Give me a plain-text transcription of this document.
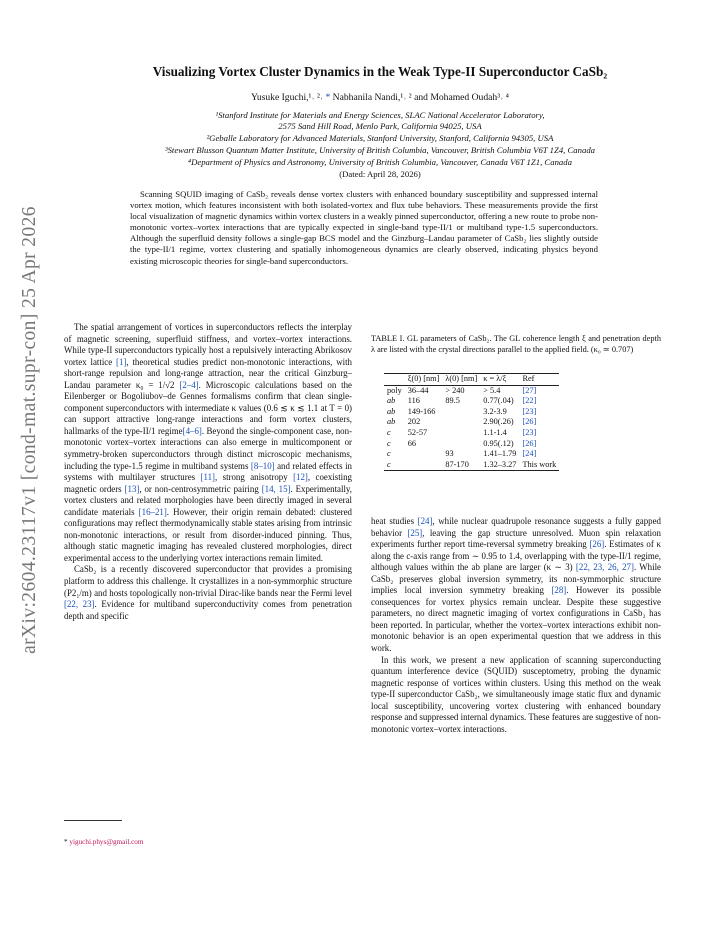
arXiv:2604.23117v1 [cond-mat.supr-con] 25 Apr 2026
Visualizing Vortex Cluster Dynamics in the Weak Type-II Superconductor CaSb₂
Yusuke Iguchi,¹˒ ²˒ * Nabhanila Nandi,¹˒ ² and Mohamed Oudah³˒ ⁴
¹Stanford Institute for Materials and Energy Sciences, SLAC National Accelerator Laboratory,
2575 Sand Hill Road, Menlo Park, California 94025, USA
²Geballe Laboratory for Advanced Materials, Stanford University, Stanford, California 94305, USA
³Stewart Blusson Quantum Matter Institute, University of British Columbia, Vancouver, British Columbia V6T 1Z4, Canada
⁴Department of Physics and Astronomy, University of British Columbia, Vancouver, Canada V6T 1Z1, Canada
(Dated: April 28, 2026)
Scanning SQUID imaging of CaSb₂ reveals dense vortex clusters with enhanced boundary susceptibility and suppressed internal vortex motion, which features inconsistent with both isolated-vortex and flux tube behaviors. These measurements provide the first local visualization of magnetic dynamics within vortex clusters in a weakly pinned superconductor, offering a new route to probe non-monotonic vortex–vortex interactions that are typically expected in single-band type-II/1 or multiband type-1.5 superconductors. Although the superfluid density follows a single-gap BCS model and the Ginzburg–Landau parameter of CaSb₂ lies slightly outside the type-II/1 regime, vortex clustering and spatially inhomogeneous dynamics are clearly observed, indicating physics beyond existing microscopic theories for single-band superconductors.

The spatial arrangement of vortices in superconductors reflects the interplay of magnetic screening, superfluid stiffness, and vortex–vortex interactions. While type-II superconductors typically host a repulsively interacting Abrikosov vortex lattice [1], theoretical studies predict non-monotonic interactions, with short-range repulsion and long-range attraction, near the critical Ginzburg–Landau parameter κ₀ = 1/√2 [2–4]. Microscopic calculations based on the Eilenberger or Bogoliubov–de Gennes formalisms confirm that clean single-component superconductors with intermediate κ values (0.6 ≲ κ ≲ 1.1 at T = 0) can support attractive long-range interactions and form vortex clusters, hallmarks of the type-II/1 regime[4–6]. Beyond the single-component case, non-monotonic vortex–vortex interactions can also emerge in multicomponent or symmetry-broken superconductors through distinct microscopic mechanisms, including the type-1.5 regime in multiband systems [8–10] and related effects in systems with multilayer structures [11], strong anisotropy [12], coexisting magnetic orders [13], or non-centrosymmetric pairing [14, 15]. Experimentally, vortex clusters and related morphologies have been directly imaged in several candidate materials [16–21]. However, their origin remain debated: clustered configurations may reflect thermodynamically stable states arising from intrinsic non-monotonic interactions, or result from disorder-induced pinning. Thus, although static magnetic imaging has revealed clustered morphologies, direct experimental access to the underlying vortex interactions remain limited.

CaSb₂ is a recently discovered superconductor that provides a promising platform to address this challenge. It crystallizes in a non-symmorphic structure (P2₁/m) and hosts topologically non-trivial Dirac-like bands near the Fermi level [22, 23]. Evidence for multiband superconductivity comes from penetration depth and specific

* yiguchi.phys@gmail.com
TABLE I. GL parameters of CaSb₂. The GL coherence length ξ and penetration depth λ are listed with the crystal directions parallel to the applied field. (κ₀ ≃ 0.707)
	ξ(0) [nm]	λ(0) [nm]	κ = λ/ξ	Ref
poly	36–44	> 240	> 5.4	[27]
ab	116	89.5	0.77(.04)	[22]
ab	149-166		3.2-3.9	[23]
ab	202		2.90(.26)	[26]
c	52-57		1.1-1.4	[23]
c	66		0.95(.12)	[26]
c		93	1.41–1.79	[24]
c		87-170	1.32–3.27	This work

heat studies [24], while nuclear quadrupole resonance suggests a fully gapped behavior [25], leaving the gap structure unresolved. Muon spin relaxation experiments further report time-reversal symmetry breaking [26]. Estimates of κ along the c-axis range from ∼ 0.95 to 1.4, overlapping with the type-II/1 regime, although values within the ab plane are larger (κ ∼ 3) [22, 23, 26, 27]. While CaSb₂ preserves global inversion symmetry, its non-symmorphic structure implies local inversion symmetry breaking [28]. However its possible consequences for vortex physics remain unclear. Despite these suggestive parameters, no direct magnetic imaging of vortex configurations in CaSb₂ has been reported. In particular, whether the vortex–vortex interactions exhibit non-monotonic behavior is an open experimental question that we address in this work.

In this work, we present a new application of scanning superconducting quantum interference device (SQUID) susceptometry, probing the dynamic magnetic response of vortices within clusters. Using this method on the weak type-II superconductor CaSb₂, we simultaneously image static flux and dynamic local susceptibility, uncovering vortex clustering with enhanced boundary response and suppressed internal dynamics. These features are suggestive of non-monotonic vortex–vortex interactions.
